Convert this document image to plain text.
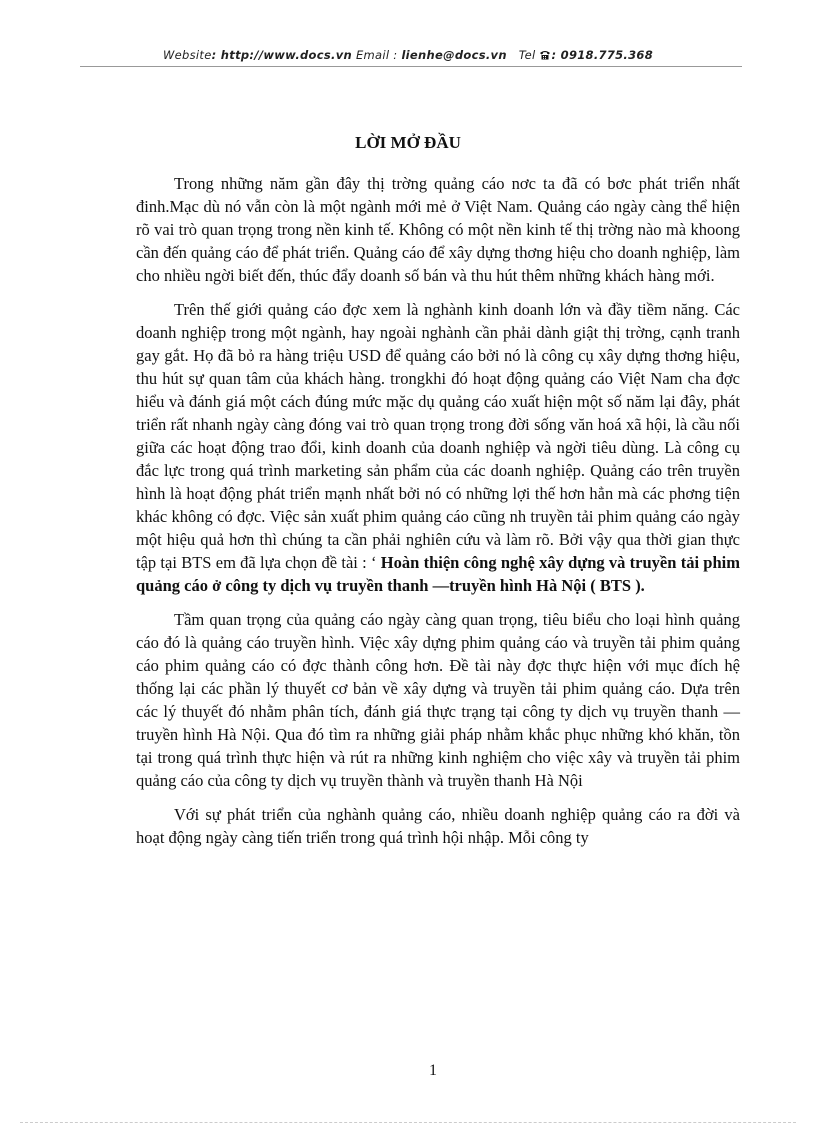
Website: http://www.docs.vn Email : lienhe@docs.vn   Tel : 0918.775.368
LỜI MỞ ĐẦU

Trong những năm gần đây thị trờng quảng cáo nơc ta đã có bơc phát triển nhất đinh.Mạc dù nó vẫn còn là một ngành mới mẻ ở Việt Nam. Quảng cáo ngày càng thể hiện rõ vai trò quan trọng trong nền kinh tế. Không có một nền kinh tế thị trờng nào mà khoong cần đến quảng cáo để phát triển. Quảng cáo để xây dựng thơng hiệu cho doanh nghiệp, làm cho nhiều ngời biết đến, thúc đẩy doanh số bán và thu hút thêm những khách hàng mới.

Trên thế giới quảng cáo đợc xem là nghành kinh doanh lớn và đầy tiềm năng. Các doanh nghiệp trong một ngành, hay ngoài nghành cần phải dành giật thị trờng, cạnh tranh gay gắt. Họ đã bỏ ra hàng triệu USD để quảng cáo bởi nó là công cụ xây dựng thơng hiệu, thu hút sự quan tâm của khách hàng. trongkhi đó hoạt động quảng cáo Việt Nam cha đợc hiểu và đánh giá một cách đúng mức mặc dụ quảng cáo xuất hiện một số năm lại đây, phát triển rất nhanh ngày càng đóng vai trò quan trọng trong đời sống văn hoá xã hội, là cầu nối giữa các hoạt động trao đổi, kinh doanh của doanh nghiệp và ngời tiêu dùng. Là công cụ đắc lực trong quá trình marketing sản phẩm của các doanh nghiệp. Quảng cáo trên truyền hình là hoạt động phát triển mạnh nhất bởi nó có những lợi thế hơn hẳn mà các phơng tiện khác không có đợc. Việc sản xuất phim quảng cáo cũng nh truyền tải phim quảng cáo ngày một hiệu quả hơn thì chúng ta cần phải nghiên cứu và làm rõ. Bởi vậy qua thời gian thực tập tại BTS em đã lựa chọn đề tài : ‘ Hoàn thiện công nghệ xây dựng và truyền tải phim quảng cáo ở công ty dịch vụ truyền thanh —truyền hình Hà Nội ( BTS ).

Tầm quan trọng của quảng cáo ngày càng quan trọng, tiêu biểu cho loại hình quảng cáo đó là quảng cáo truyền hình. Việc xây dựng phim quảng cáo và truyền tải phim quảng cáo phim quảng cáo có đợc thành công hơn. Đề tài này đợc thực hiện với mục đích hệ thống lại các phần lý thuyết cơ bản về xây dựng và truyền tải phim quảng cáo. Dựa trên các lý thuyết đó nhằm phân tích, đánh giá thực trạng tại công ty dịch vụ truyền thanh — truyền hình Hà Nội. Qua đó tìm ra những giải pháp nhằm khắc phục những khó khăn, tồn tại trong quá trình thực hiện và rút ra những kinh nghiệm cho việc xây và truyền tải phim quảng cáo của công ty dịch vụ truyền thành và truyền thanh Hà Nội

Với sự phát triển của nghành quảng cáo, nhiều doanh nghiệp quảng cáo ra đời và hoạt động ngày càng tiến triển trong quá trình hội nhập. Mỗi công ty

1
